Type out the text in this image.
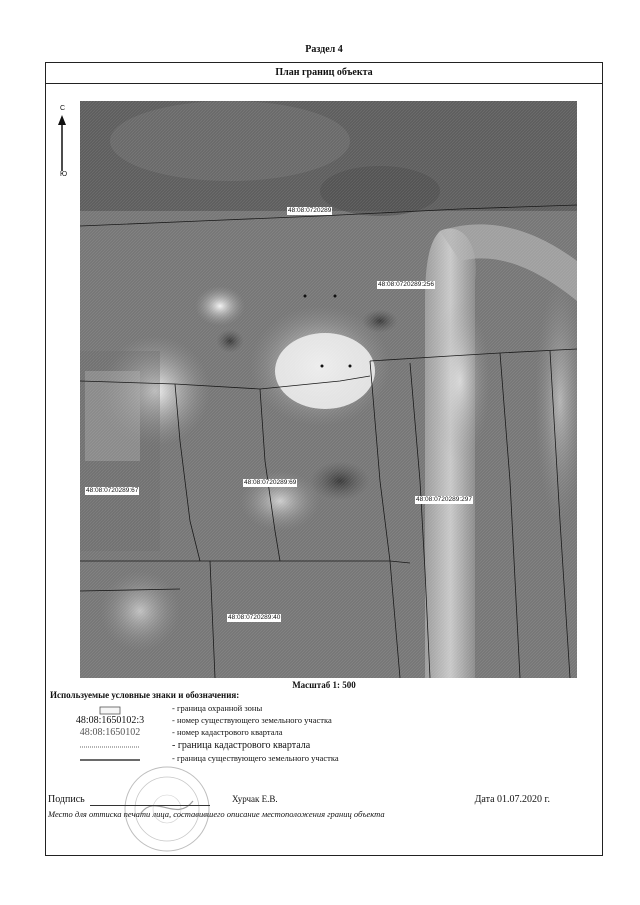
Раздел 4
План границ объекта
С
Ю
48:08:0720289
48:08:0720289:256
48:08:0720289:67
48:08:0720289:69
48:08:0720289:297
48:08:0720289:40
Масштаб 1: 500
Используемые условные знаки и обозначения:
- граница охранной зоны
48:08:1650102:3	- номер существующего земельного участка
48:08:1650102	- номер кадастрового квартала
- граница кадастрового квартала
- граница существующего земельного участка
Подпись	Хурчак Е.В.	Дата 01.07.2020 г.
Место для оттиска печати лица, составившего описание местоположения границ объекта
